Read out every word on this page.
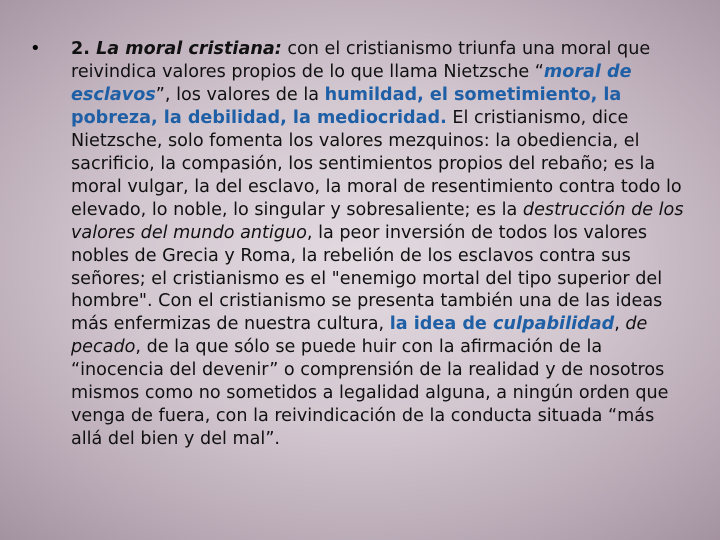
•	2. La moral cristiana: con el cristianismo triunfa una moral que reivindica valores propios de lo que llama Nietzsche “moral de esclavos”, los valores de la humildad, el sometimiento, la pobreza, la debilidad, la mediocridad. El cristianismo, dice Nietzsche, solo fomenta los valores mezquinos: la obediencia, el sacrificio, la compasión, los sentimientos propios del rebaño; es la moral vulgar, la del esclavo, la moral de resentimiento contra todo lo elevado, lo noble, lo singular y sobresaliente; es la destrucción de los valores del mundo antiguo, la peor inversión de todos los valores nobles de Grecia y Roma, la rebelión de los esclavos contra sus señores; el cristianismo es el "enemigo mortal del tipo superior del hombre". Con el cristianismo se presenta también una de las ideas más enfermizas de nuestra cultura, la idea de culpabilidad, de pecado, de la que sólo se puede huir con la afirmación de la “inocencia del devenir” o comprensión de la realidad y de nosotros mismos como no sometidos a legalidad alguna, a ningún orden que venga de fuera, con la reivindicación de la conducta situada “más allá del bien y del mal”.
